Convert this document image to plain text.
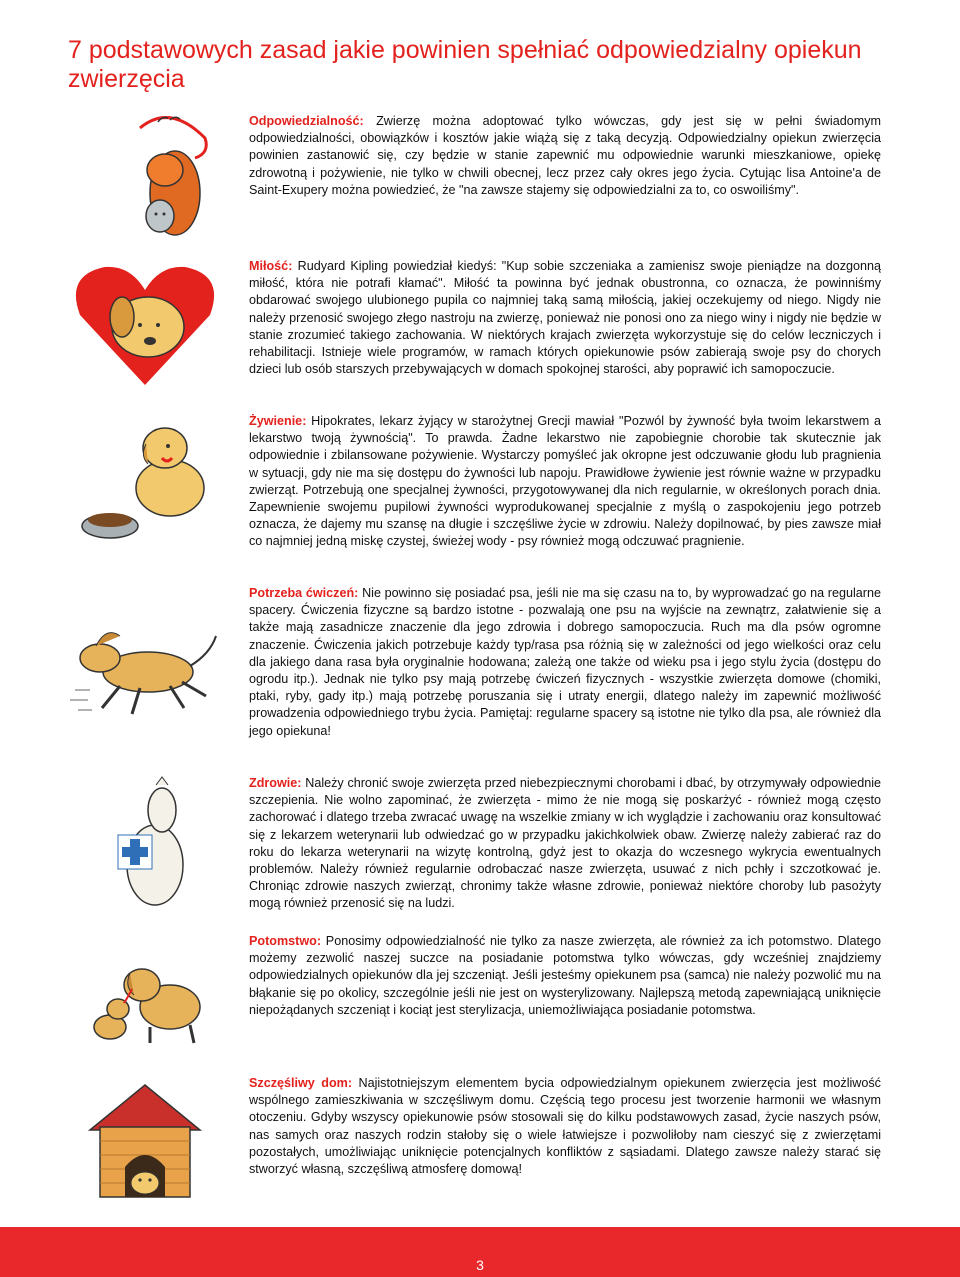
7 podstawowych zasad jakie powinien spełniać odpowiedzialny opiekun zwierzęcia

Odpowiedzialność: Zwierzę można adoptować tylko wówczas, gdy jest się w pełni świadomym odpowiedzialności, obowiązków i kosztów jakie wiążą się z taką decyzją. Odpowiedzialny opiekun zwierzęcia powinien zastanowić się, czy będzie w stanie zapewnić mu odpowiednie warunki mieszkaniowe, opiekę zdrowotną i pożywienie, nie tylko w chwili obecnej, lecz przez cały okres jego życia. Cytując lisa Antoine'a de Saint-Exupery można powiedzieć, że "na zawsze stajemy się odpowiedzialni za to, co oswoiliśmy".

Miłość: Rudyard Kipling powiedział kiedyś: "Kup sobie szczeniaka a zamienisz swoje pieniądze na dozgonną miłość, która nie potrafi kłamać". Miłość ta powinna być jednak obustronna, co oznacza, że powinniśmy obdarować swojego ulubionego pupila co najmniej taką samą miłością, jakiej oczekujemy od niego. Nigdy nie należy przenosić swojego złego nastroju na zwierzę, ponieważ nie ponosi ono za niego winy i nigdy nie będzie w stanie zrozumieć takiego zachowania. W niektórych krajach zwierzęta wykorzystuje się do celów leczniczych i rehabilitacji. Istnieje wiele programów, w ramach których opiekunowie psów zabierają swoje psy do chorych dzieci lub osób starszych przebywających w domach spokojnej starości, aby poprawić ich samopoczucie.

Żywienie: Hipokrates, lekarz żyjący w starożytnej Grecji mawiał "Pozwól by żywność była twoim lekarstwem a lekarstwo twoją żywnością". To prawda. Żadne lekarstwo nie zapobiegnie chorobie tak skutecznie jak odpowiednie i zbilansowane pożywienie. Wystarczy pomyśleć jak okropne jest odczuwanie głodu lub pragnienia w sytuacji, gdy nie ma się dostępu do żywności lub napoju. Prawidłowe żywienie jest równie ważne w przypadku zwierząt. Potrzebują one specjalnej żywności, przygotowywanej dla nich regularnie, w określonych porach dnia. Zapewnienie swojemu pupilowi żywności wyprodukowanej specjalnie z myślą o zaspokojeniu jego potrzeb oznacza, że dajemy mu szansę na długie i szczęśliwe życie w zdrowiu. Należy dopilnować, by pies zawsze miał co najmniej jedną miskę czystej, świeżej wody - psy również mogą odczuwać pragnienie.

Potrzeba ćwiczeń: Nie powinno się posiadać psa, jeśli nie ma się czasu na to, by wyprowadzać go na regularne spacery. Ćwiczenia fizyczne są bardzo istotne - pozwalają one psu na wyjście na zewnątrz, załatwienie się a także mają zasadnicze znaczenie dla jego zdrowia i dobrego samopoczucia. Ruch ma dla psów ogromne znaczenie. Ćwiczenia jakich potrzebuje każdy typ/rasa psa różnią się w zależności od jego wielkości oraz celu dla jakiego dana rasa była oryginalnie hodowana; zależą one także od wieku psa i jego stylu życia (dostępu do ogrodu itp.). Jednak nie tylko psy mają potrzebę ćwiczeń fizycznych - wszystkie zwierzęta domowe (chomiki, ptaki, ryby, gady itp.) mają potrzebę poruszania się i utraty energii, dlatego należy im zapewnić możliwość prowadzenia odpowiedniego trybu życia. Pamiętaj: regularne spacery są istotne nie tylko dla psa, ale również dla jego opiekuna!

Zdrowie: Należy chronić swoje zwierzęta przed niebezpiecznymi chorobami i dbać, by otrzymywały odpowiednie szczepienia. Nie wolno zapominać, że zwierzęta - mimo że nie mogą się poskarżyć - również mogą często zachorować i dlatego trzeba zwracać uwagę na wszelkie zmiany w ich wyglądzie i zachowaniu oraz konsultować się z lekarzem weterynarii lub odwiedzać go w przypadku jakichkolwiek obaw. Zwierzę należy zabierać raz do roku do lekarza weterynarii na wizytę kontrolną, gdyż jest to okazja do wczesnego wykrycia ewentualnych problemów. Należy również regularnie odrobaczać nasze zwierzęta, usuwać z nich pchły i szczotkować je. Chroniąc zdrowie naszych zwierząt, chronimy także własne zdrowie, ponieważ niektóre choroby lub pasożyty mogą również przenosić się na ludzi.

Potomstwo: Ponosimy odpowiedzialność nie tylko za nasze zwierzęta, ale również za ich potomstwo. Dlatego możemy zezwolić naszej suczce na posiadanie potomstwa tylko wówczas, gdy wcześniej znajdziemy odpowiedzialnych opiekunów dla jej szczeniąt. Jeśli jesteśmy opiekunem psa (samca) nie należy pozwolić mu na błąkanie się po okolicy, szczególnie jeśli nie jest on wysterylizowany. Najlepszą metodą zapewniającą uniknięcie niepożądanych szczeniąt i kociąt jest sterylizacja, uniemożliwiająca posiadanie potomstwa.

Szczęśliwy dom: Najistotniejszym elementem bycia odpowiedzialnym opiekunem zwierzęcia jest możliwość wspólnego zamieszkiwania w szczęśliwym domu. Częścią tego procesu jest tworzenie harmonii we własnym otoczeniu. Gdyby wszyscy opiekunowie psów stosowali się do kilku podstawowych zasad, życie naszych psów, nas samych oraz naszych rodzin stałoby się o wiele łatwiejsze i pozwoliłoby nam cieszyć się z zwierzętami pozostałych, umożliwiając uniknięcie potencjalnych konfliktów z sąsiadami. Dlatego zawsze należy starać się stworzyć własną, szczęśliwą atmosferę domową!

3
